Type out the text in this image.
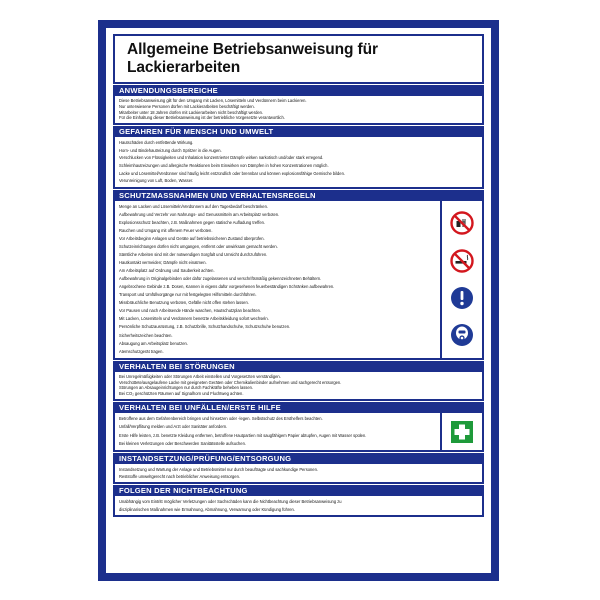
Allgemeine Betriebsanweisung für Lackierarbeiten
ANWENDUNGSBEREICHE
Diese Betriebsanweisung gilt für den Umgang mit Lacken, Lösemitteln und Verdünnern beim Lackieren.
Nur unterwiesene Personen dürfen mit Lackierarbeiten beschäftigt werden.
Mitarbeiter unter 18 Jahren dürfen mit Lackierarbeiten nicht beschäftigt werden.
Für die Einhaltung dieser Betriebsanweisung ist der betriebliche Vorgesetzte verantwortlich.
GEFAHREN FÜR MENSCH UND UMWELT
Hautschäden durch entfettende Wirkung.
Horn- und Bindehautreizung durch Spritzer in die Augen.
Verschlucken von Flüssigkeiten und Inhalation konzentrierter Dämpfe wirken narkotisch und/oder stark erregend.
Schleimhautreizungen und allergische Reaktionen beim Einwirken von Dämpfen in hohen Konzentrationen möglich.
Lacke und Lösemittel/Verdünner sind häufig leicht entzündlich oder brennbar und können explosionsfähige Gemische bilden.
Verunreinigung von Luft, Boden, Wasser.
SCHUTZMASSNAHMEN UND VERHALTENSREGELN
Menge an Lacken und Lösemitteln/Verdünnern auf den Tagesbedarf beschränken.
Aufbewahrung und Verzehr von Nahrungs- und Genussmitteln am Arbeitsplatz verboten.
Explosionsschutz beachten, z.B. Maßnahmen gegen statische Aufladung treffen.
Rauchen und Umgang mit offenem Feuer verboten.
Vor Arbeitsbeginn Anlagen und Geräte auf betriebssicheren Zustand überprüfen.
Schutzeinrichtungen dürfen nicht umgangen, entfernt oder unwirksam gemacht werden.
Sämtliche Arbeiten sind mit der notwendigen Sorgfalt und Umsicht durchzuführen.
Hautkontakt vermeiden; Dämpfe nicht einatmen.
Am Arbeitsplatz auf Ordnung und Sauberkeit achten.
Aufbewahrung in Originalgebinden oder dafür zugelassenen und verschriftsmäßig gekennzeichneten Behältern.
Angebrochene Gebinde z.B. Dosen, Kannen in eigens dafür vorgesehenen feuerbeständigen Schränken aufbewahren.
Transport und Umfüllvorgänge nur mit festgelegten Hilfsmitteln durchführen.
Missbräuchliche Benutzung verboten, Gefälle nicht offen stehen lassen.
Vor Pausen und nach Arbeitsende Hände waschen, Hautschutzplan beachten.
Mit Lacken, Lösemitteln und Verdünnern benetzte Arbeitskleidung sofort wechseln.
Persönliche Schutzausrüstung, z.B. Schutzbrille, Schutzhandschuhe, Schutzschuhe benutzen.
Sicherheitszeichen beachten.
Absaugung am Arbeitsplatz benutzen.
Atemschutzgerät tragen.
VERHALTEN BEI STÖRUNGEN
Bei Unregelmäßigkeiten oder Störungen Arbeit einstellen und Vorgesetzten verständigen.
Verschüttete/ausgelaufene Lacke mit geeigneten Geräten oder Chemikalienbinder aufnehmen und sachgerecht entsorgen.
Störungen an Absaugeinrichtungen nur durch Fachkräfte beheben lassen.
Bei CO₂ geschützten Räumen auf Signalhorn und Fluchtweg achten.
VERHALTEN BEI UNFÄLLEN/ERSTE HILFE
Betroffene aus dem Gefahrenbereich bringen und hinsetzen oder -legen. Selbstschutz des Ersthelfers beachten.
Unfall/Verpflitung melden und Arzt oder Sanitäter anfordern.
Erste Hilfe leisten, z.B. benetzte Kleidung entfernen, betroffene Hautpartien mit saugfähigem Papier abtupfen, Augen mit Wasser spülen.
Bei kleinen Verletzungen oder Beschwerden Sanitätsstelle aufsuchen.
INSTANDSETZUNG/PRÜFUNG/ENTSORGUNG
Instandsetzung und Wartung der Anlage und Betriebsmittel nur durch beauftragte und sachkundige Personen.
Reststoffe umweltgerecht nach betrieblicher Anweisung entsorgen.
FOLGEN DER NICHTBEACHTUNG
Unabhängig vom Eintritt möglicher Verletzungen oder Sachschäden kann die Nichtbeachtung dieser Betriebsanweisung zu
disziplinarischen Maßnahmen wie Ermahnung, Abmahnung, Verwarnung oder Kündigung führen.
